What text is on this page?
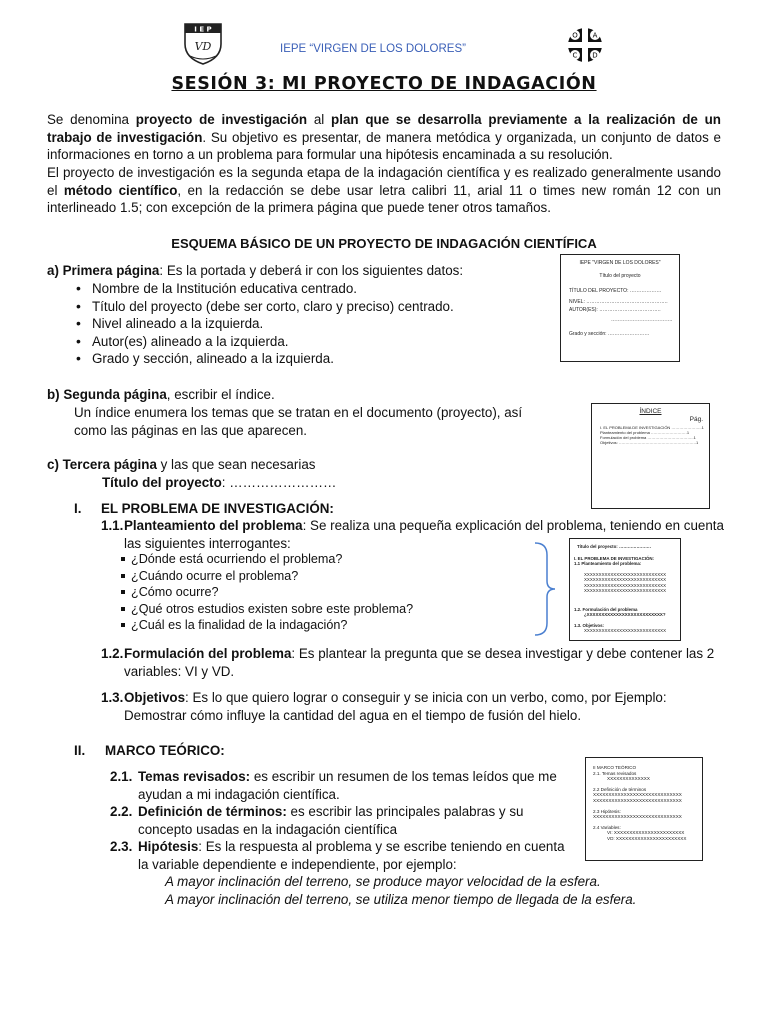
I E P
VD	IEPE “VIRGEN DE LOS DOLORES”
O A
C D
SESIÓN 3: MI PROYECTO DE INDAGACIÓN
Se denomina proyecto de investigación al plan que se desarrolla previamente a la realización de un trabajo de investigación. Su objetivo es presentar, de manera metódica y organizada, un conjunto de datos e informaciones en torno a un problema para formular una hipótesis encaminada a su resolución.
El proyecto de investigación es la segunda etapa de la indagación científica y es realizado generalmente usando el método científico, en la redacción se debe usar letra calibri 11, arial 11 o times new román 12 con un interlineado 1.5; con excepción de la primera página que puede tener otros tamaños.
ESQUEMA BÁSICO DE UN PROYECTO DE INDAGACIÓN CIENTÍFICA
a) Primera página: Es la portada y deberá ir con los siguientes datos:
• Nombre de la Institución educativa centrado.
• Título del proyecto (debe ser corto, claro y preciso) centrado.
• Nivel alineado a la izquierda.
• Autor(es) alineado a la izquierda.
• Grado y sección, alineado a la izquierda.
IEPE "VIRGEN DE LOS DOLORES"
Título del proyecto
TÍTULO DEL PROYECTO: ……………….
NIVEL: ………………………………………….
AUTOR(ES): ……………………………….
……………………………….
Grado y sección: …………………….
b) Segunda página, escribir el índice.
Un índice enumera los temas que se tratan en el documento (proyecto), así como las páginas en las que aparecen.
ÍNDICE
Pág.
I. EL PROBLEMA DE INVESTIGACIÓN …………………..1
Planteamiento del problema ………………………1
Formulación del problema ……………………………..1
Objetivos: ………………………………………………….1
c) Tercera página y las que sean necesarias
Título del proyecto: ……………………
I. EL PROBLEMA DE INVESTIGACIÓN:
1.1. Planteamiento del problema: Se realiza una pequeña explicación del problema, teniendo en cuenta las siguientes interrogantes:
¿Dónde está ocurriendo el problema?
¿Cuándo ocurre el problema?
¿Cómo ocurre?
¿Qué otros estudios existen sobre este problema?
¿Cuál es la finalidad de la indagación?
Título del proyecto: ………………….
I. EL PROBLEMA DE INVESTIGACIÓN:
1.1 Planteamiento del problema:
XXXXXXXXXXXXXXXXXXXXXXXXXXXX
XXXXXXXXXXXXXXXXXXXXXXXXXXXX
XXXXXXXXXXXXXXXXXXXXXXXXXXXX
XXXXXXXXXXXXXXXXXXXXXXXXXXXX
1.2. Formulación del problema
¿XXXXXXXXXXXXXXXXXXXXXXXXXX?
1.3. Objetivos:
XXXXXXXXXXXXXXXXXXXXXXXXXXXX
1.2. Formulación del problema: Es plantear la pregunta que se desea investigar y debe contener las 2 variables: VI y VD.
1.3. Objetivos: Es lo que quiero lograr o conseguir y se inicia con un verbo, como, por Ejemplo: Demostrar cómo influye la cantidad del agua en el tiempo de fusión del hielo.
II. MARCO TEÓRICO:
2.1. Temas revisados: es escribir un resumen de los temas leídos que me ayudan a mi indagación científica.
2.2. Definición de términos: es escribir las principales palabras y su concepto usadas en la indagación científica
2.3. Hipótesis: Es la respuesta al problema y se escribe teniendo en cuenta la variable dependiente e independiente, por ejemplo:
A mayor inclinación del terreno, se produce mayor velocidad de la esfera.
A mayor inclinación del terreno, se utiliza menor tiempo de llegada de la esfera.
II MARCO TEÓRICO
2.1. Temas revisados
XXXXXXXXXXXXXX
2.2 Definición de términos
XXXXXXXXXXXXXXXXXXXXXXXXXXXXX
XXXXXXXXXXXXXXXXXXXXXXXXXXXXX
2.3 Hipótesis:
XXXXXXXXXXXXXXXXXXXXXXXXXXXXX
2.4 Variables:
VI: XXXXXXXXXXXXXXXXXXXXXXX
VD: XXXXXXXXXXXXXXXXXXXXXXX
